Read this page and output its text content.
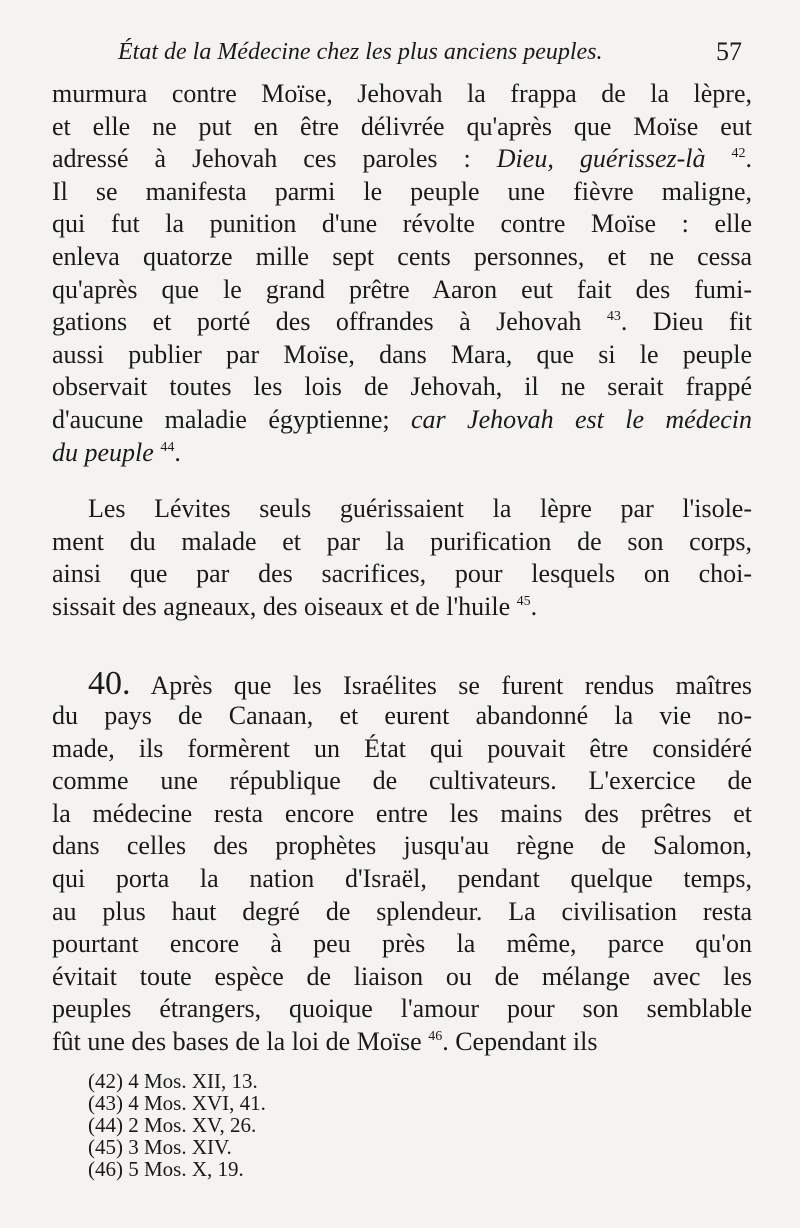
État de la Médecine chez les plus anciens peuples.	57
murmura contre Moïse, Jehovah la frappa de la lèpre,
et elle ne put en être délivrée qu'après que Moïse eut
adressé à Jehovah ces paroles : Dieu, guérissez-là $^{42}$.
Il se manifesta parmi le peuple une fièvre maligne,
qui fut la punition d'une révolte contre Moïse : elle
enleva quatorze mille sept cents personnes, et ne cessa
qu'après que le grand prêtre Aaron eut fait des fumi-
gations et porté des offrandes à Jehovah $^{43}$. Dieu fit
aussi publier par Moïse, dans Mara, que si le peuple
observait toutes les lois de Jehovah, il ne serait frappé
d'aucune maladie égyptienne; car Jehovah est le médecin
du peuple $^{44}$.
Les Lévites seuls guérissaient la lèpre par l'isole-
ment du malade et par la purification de son corps,
ainsi que par des sacrifices, pour lesquels on choi-
sissait des agneaux, des oiseaux et de l'huile $^{45}$.
40. Après que les Israélites se furent rendus maîtres
du pays de Canaan, et eurent abandonné la vie no-
made, ils formèrent un État qui pouvait être considéré
comme une république de cultivateurs. L'exercice de
la médecine resta encore entre les mains des prêtres et
dans celles des prophètes jusqu'au règne de Salomon,
qui porta la nation d'Israël, pendant quelque temps,
au plus haut degré de splendeur. La civilisation resta
pourtant encore à peu près la même, parce qu'on
évitait toute espèce de liaison ou de mélange avec les
peuples étrangers, quoique l'amour pour son semblable
fût une des bases de la loi de Moïse $^{46}$. Cependant ils
(42) 4 Mos. XII, 13.
(43) 4 Mos. XVI, 41.
(44) 2 Mos. XV, 26.
(45) 3 Mos. XIV.
(46) 5 Mos. X, 19.
